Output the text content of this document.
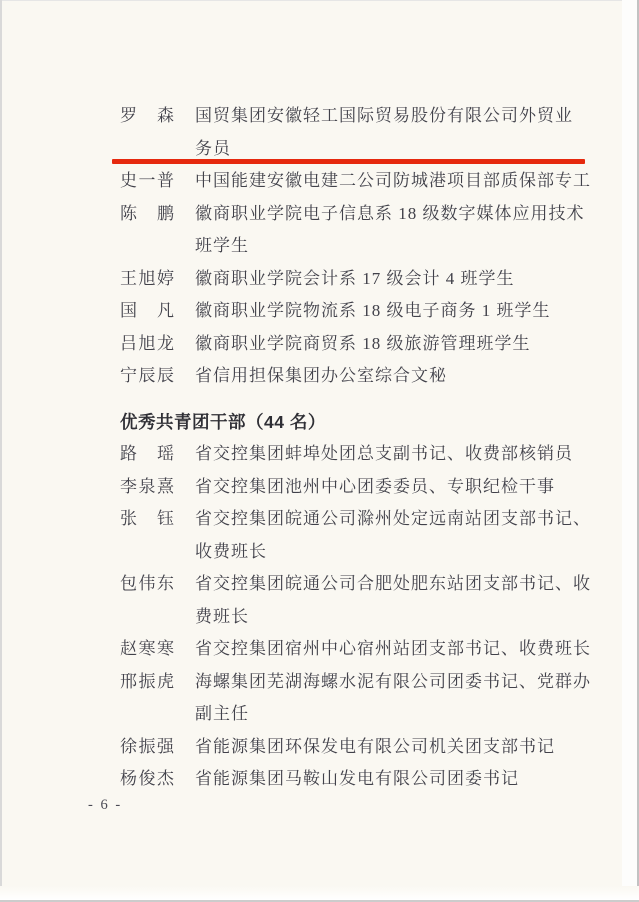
罗　森 国贸集团安徽轻工国际贸易股份有限公司外贸业
务员
史一普 中国能建安徽电建二公司防城港项目部质保部专工
陈　鹏 徽商职业学院电子信息系 18 级数字媒体应用技术
班学生
王旭婷 徽商职业学院会计系 17 级会计 4 班学生
国　凡 徽商职业学院物流系 18 级电子商务 1 班学生
吕旭龙 徽商职业学院商贸系 18 级旅游管理班学生
宁辰辰 省信用担保集团办公室综合文秘
优秀共青团干部（44 名）
路　瑶 省交控集团蚌埠处团总支副书记、收费部核销员
李泉熹 省交控集团池州中心团委委员、专职纪检干事
张　钰 省交控集团皖通公司滁州处定远南站团支部书记、
收费班长
包伟东 省交控集团皖通公司合肥处肥东站团支部书记、收
费班长
赵寒寒 省交控集团宿州中心宿州站团支部书记、收费班长
邢振虎 海螺集团芜湖海螺水泥有限公司团委书记、党群办
副主任
徐振强 省能源集团环保发电有限公司机关团支部书记
杨俊杰 省能源集团马鞍山发电有限公司团委书记
- 6 -
